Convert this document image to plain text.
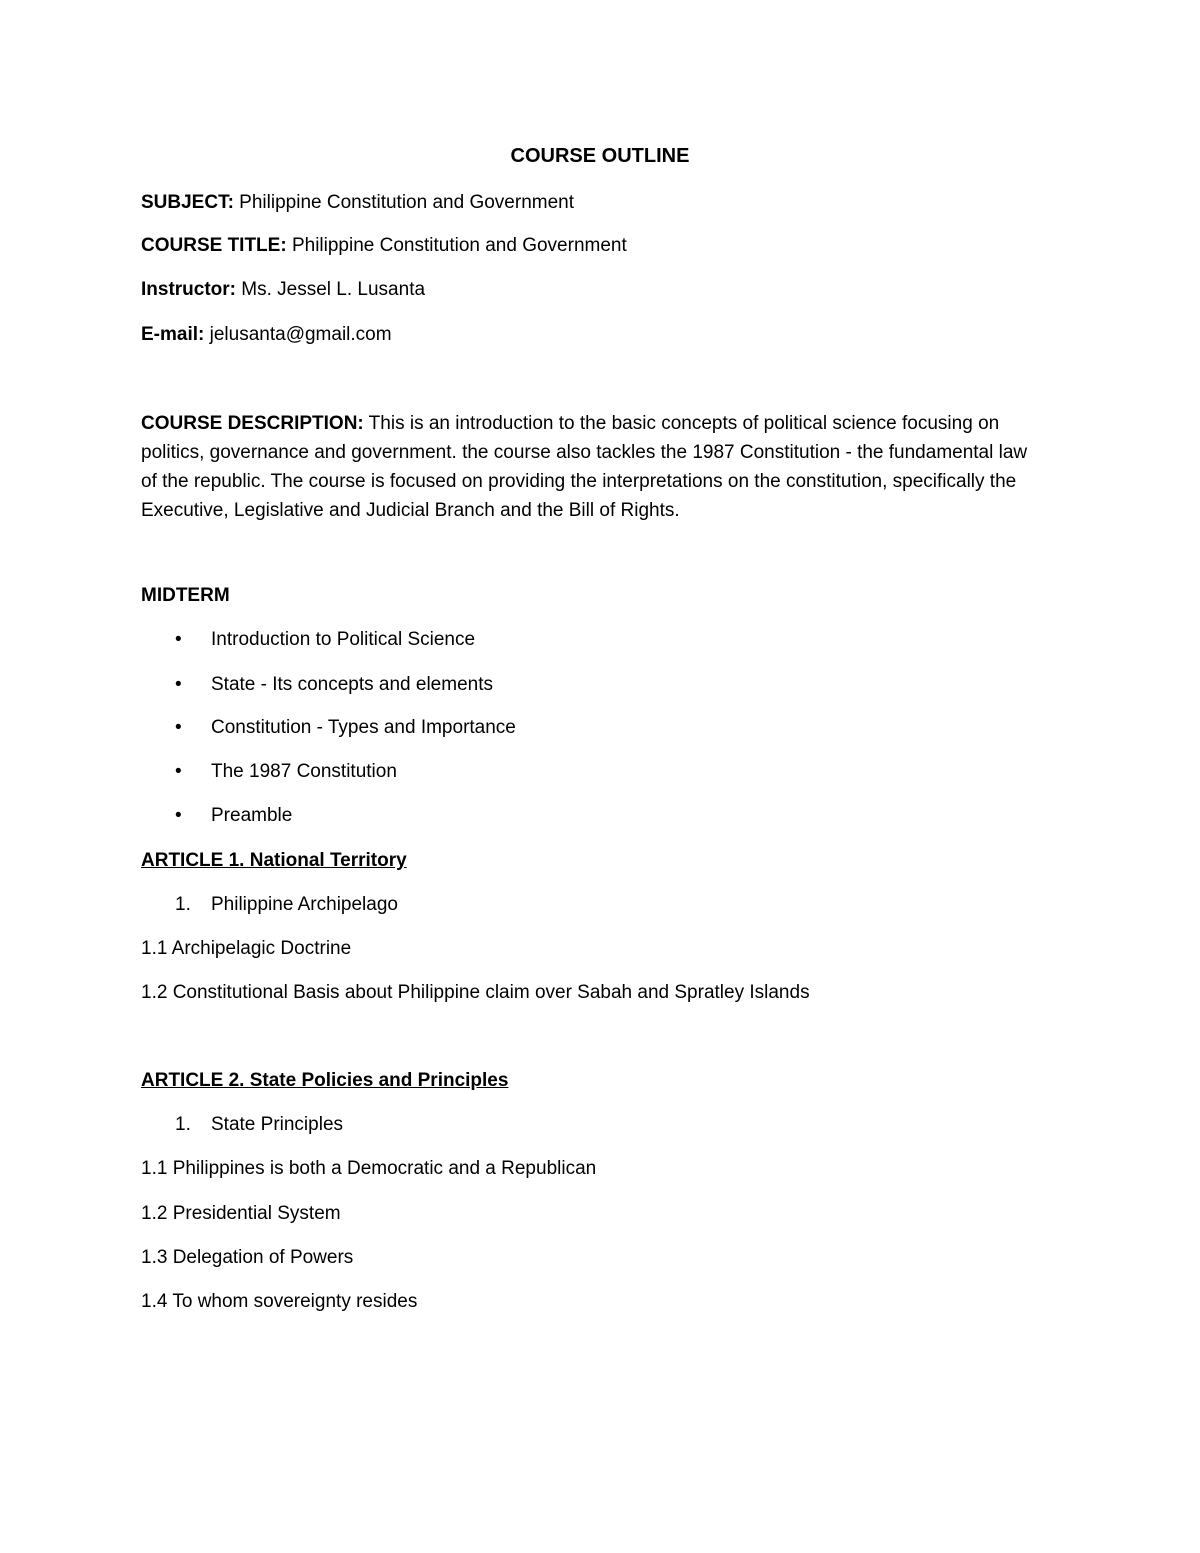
COURSE OUTLINE
SUBJECT: Philippine Constitution and Government
COURSE TITLE: Philippine Constitution and Government
Instructor: Ms. Jessel L. Lusanta
E-mail: jelusanta@gmail.com
COURSE DESCRIPTION: This is an introduction to the basic concepts of political science focusing on politics, governance and government. the course also tackles the 1987 Constitution - the fundamental law of the republic. The course is focused on providing the interpretations on the constitution, specifically the Executive, Legislative and Judicial Branch and the Bill of Rights.
MIDTERM
• Introduction to Political Science
• State - Its concepts and elements
• Constitution - Types and Importance
• The 1987 Constitution
• Preamble
ARTICLE 1. National Territory
1. Philippine Archipelago
1.1 Archipelagic Doctrine
1.2 Constitutional Basis about Philippine claim over Sabah and Spratley Islands
ARTICLE 2. State Policies and Principles
1. State Principles
1.1 Philippines is both a Democratic and a Republican
1.2 Presidential System
1.3 Delegation of Powers
1.4 To whom sovereignty resides
